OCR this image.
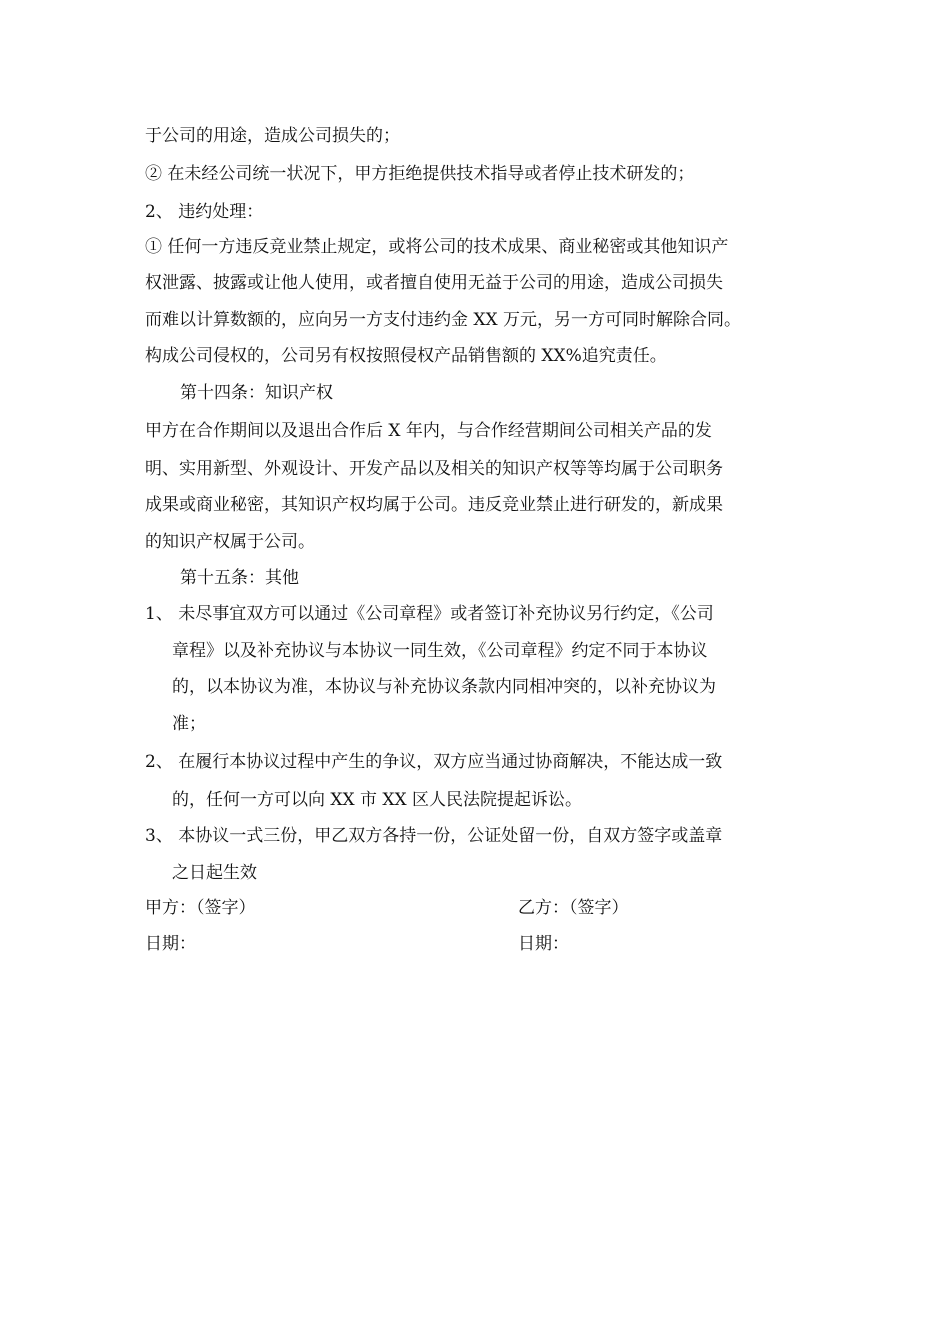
于公司的用途，造成公司损失的；
② 在未经公司统一状况下，甲方拒绝提供技术指导或者停止技术研发的；
2、 违约处理：
① 任何一方违反竞业禁止规定，或将公司的技术成果、商业秘密或其他知识产
权泄露、披露或让他人使用，或者擅自使用无益于公司的用途，造成公司损失
而难以计算数额的，应向另一方支付违约金 XX 万元，另一方可同时解除合同。
构成公司侵权的，公司另有权按照侵权产品销售额的 XX%追究责任。
第十四条：知识产权
甲方在合作期间以及退出合作后 X 年内，与合作经营期间公司相关产品的发
明、实用新型、外观设计、开发产品以及相关的知识产权等等均属于公司职务
成果或商业秘密，其知识产权均属于公司。违反竞业禁止进行研发的，新成果
的知识产权属于公司。
第十五条：其他
1、 未尽事宜双方可以通过《公司章程》或者签订补充协议另行约定，《公司
章程》以及补充协议与本协议一同生效，《公司章程》约定不同于本协议
的，以本协议为准，本协议与补充协议条款内同相冲突的，以补充协议为
准；
2、 在履行本协议过程中产生的争议，双方应当通过协商解决，不能达成一致
的，任何一方可以向 XX 市 XX 区人民法院提起诉讼。
3、 本协议一式三份，甲乙双方各持一份，公证处留一份，自双方签字或盖章
之日起生效
甲方：（签字）	乙方：（签字）
日期：	日期：
